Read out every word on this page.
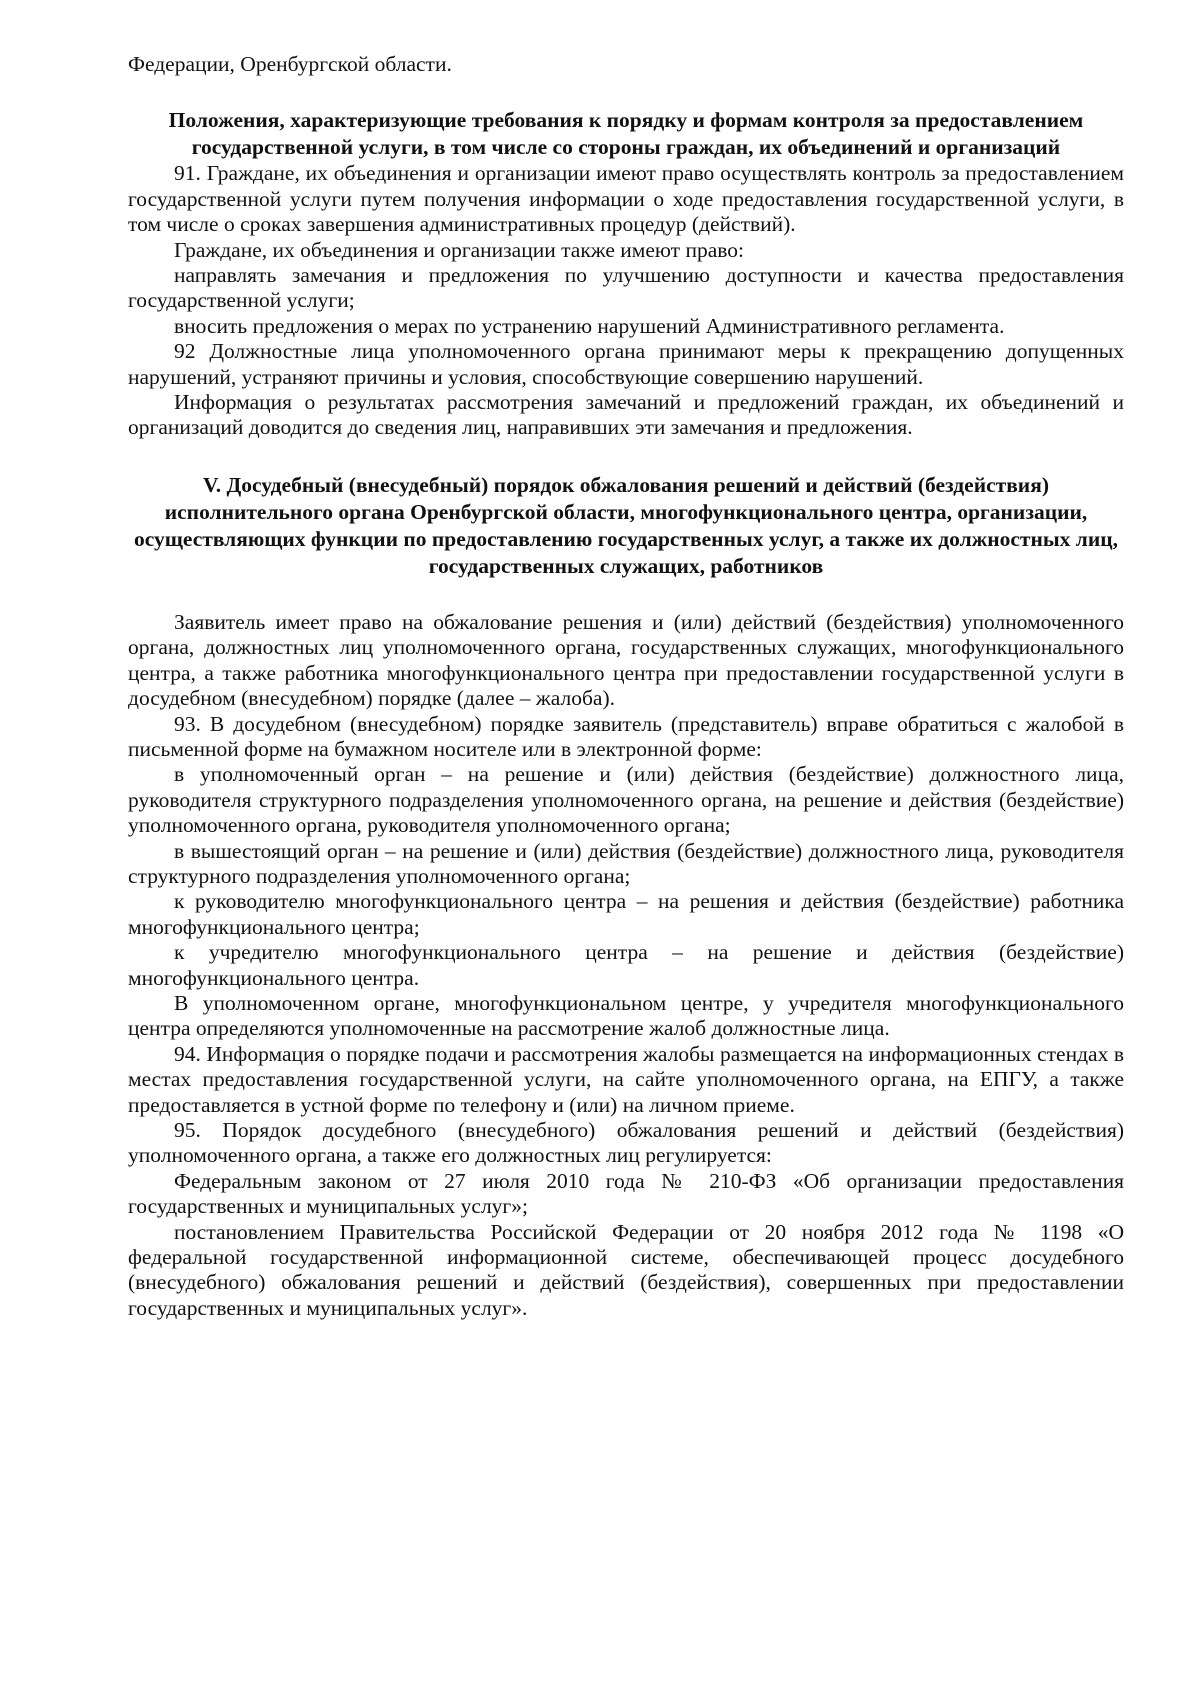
Федерации, Оренбургской области.

Положения, характеризующие требования к порядку и формам контроля за предоставлением государственной услуги, в том числе со стороны граждан, их объединений и организаций

91. Граждане, их объединения и организации имеют право осуществлять контроль за предоставлением государственной услуги путем получения информации о ходе предоставления государственной услуги, в том числе о сроках завершения административных процедур (действий).

Граждане, их объединения и организации также имеют право:

направлять замечания и предложения по улучшению доступности и качества предоставления государственной услуги;

вносить предложения о мерах по устранению нарушений Административного регламента.

92 Должностные лица уполномоченного органа принимают меры к прекращению допущенных нарушений, устраняют причины и условия, способствующие совершению нарушений.

Информация о результатах рассмотрения замечаний и предложений граждан, их объединений и организаций доводится до сведения лиц, направивших эти замечания и предложения.

V. Досудебный (внесудебный) порядок обжалования решений и действий (бездействия) исполнительного органа Оренбургской области, многофункционального центра, организации, осуществляющих функции по предоставлению государственных услуг, а также их должностных лиц, государственных служащих, работников

Заявитель имеет право на обжалование решения и (или) действий (бездействия) уполномоченного органа, должностных лиц уполномоченного органа, государственных служащих, многофункционального центра, а также работника многофункционального центра при предоставлении государственной услуги в досудебном (внесудебном) порядке (далее – жалоба).

93. В досудебном (внесудебном) порядке заявитель (представитель) вправе обратиться с жалобой в письменной форме на бумажном носителе или в электронной форме:

в уполномоченный орган – на решение и (или) действия (бездействие) должностного лица, руководителя структурного подразделения уполномоченного органа, на решение и действия (бездействие) уполномоченного органа, руководителя уполномоченного органа;

в вышестоящий орган – на решение и (или) действия (бездействие) должностного лица, руководителя структурного подразделения уполномоченного органа;

к руководителю многофункционального центра – на решения и действия (бездействие) работника многофункционального центра;

к учредителю многофункционального центра – на решение и действия (бездействие) многофункционального центра.

В уполномоченном органе, многофункциональном центре, у учредителя многофункционального центра определяются уполномоченные на рассмотрение жалоб должностные лица.

94. Информация о порядке подачи и рассмотрения жалобы размещается на информационных стендах в местах предоставления государственной услуги, на сайте уполномоченного органа, на ЕПГУ, а также предоставляется в устной форме по телефону и (или) на личном приеме.

95. Порядок досудебного (внесудебного) обжалования решений и действий (бездействия) уполномоченного органа, а также его должностных лиц регулируется:

Федеральным законом от 27 июля 2010 года № 210-ФЗ «Об организации предоставления государственных и муниципальных услуг»;

постановлением Правительства Российской Федерации от 20 ноября 2012 года № 1198 «О федеральной государственной информационной системе, обеспечивающей процесс досудебного (внесудебного) обжалования решений и действий (бездействия), совершенных при предоставлении государственных и муниципальных услуг».
